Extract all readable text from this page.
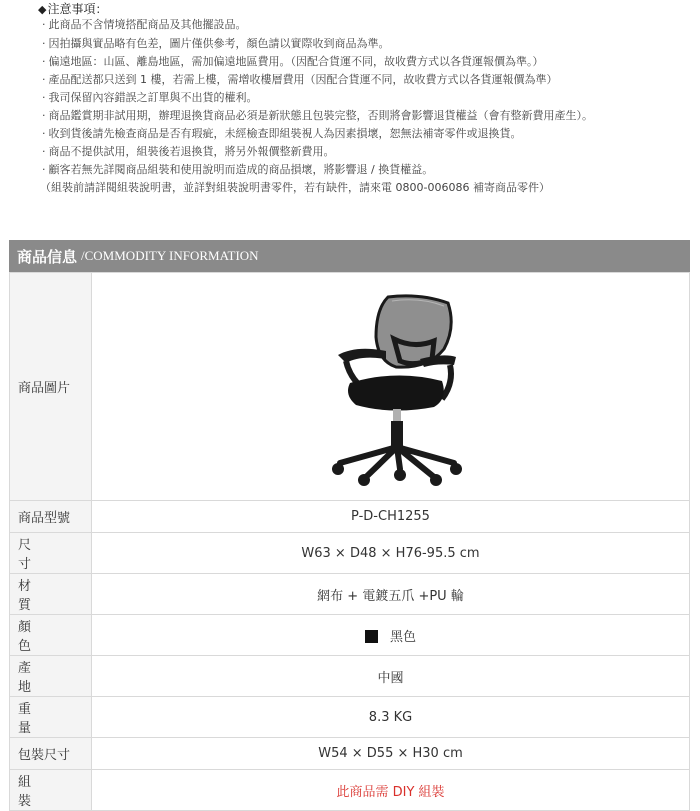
◆注意事項：
· 此商品不含情境搭配商品及其他擺設品。
· 因拍攝與實品略有色差，圖片僅供參考，顏色請以實際收到商品為準。
· 偏遠地區：山區、離島地區，需加偏遠地區費用。（因配合貨運不同，故收費方式以各貨運報價為準。）
· 產品配送都只送到 1 樓，若需上樓，需增收樓層費用（因配合貨運不同，故收費方式以各貨運報價為準）
· 我司保留內容錯誤之訂單與不出貨的權利。
· 商品鑑賞期非試用期，辦理退換貨商品必須是新狀態且包裝完整，否則將會影響退貨權益（會有整新費用產生）。
· 收到貨後請先檢查商品是否有瑕疵，未經檢查即組裝視人為因素損壞，恕無法補寄零件或退換貨。
· 商品不提供試用，組裝後若退換貨，將另外報價整新費用。
· 顧客若無先詳閱商品組裝和使用說明而造成的商品損壞，將影響退 / 換貨權益。
（組裝前請詳閱組裝說明書，並詳對組裝說明書零件，若有缺件，請來電 0800-006086 補寄商品零件）
商品信息 /COMMODITY INFORMATION
商品圖片	

商品型號	P-D-CH1255
尺寸	W63 × D48 × H76-95.5 cm
材質	網布 + 電鍍五爪 +PU 輪
顏色	黑色
產地	中國
重量	8.3 KG
包裝尺寸	W54 × D55 × H30 cm
組裝	此商品需 DIY 組裝
